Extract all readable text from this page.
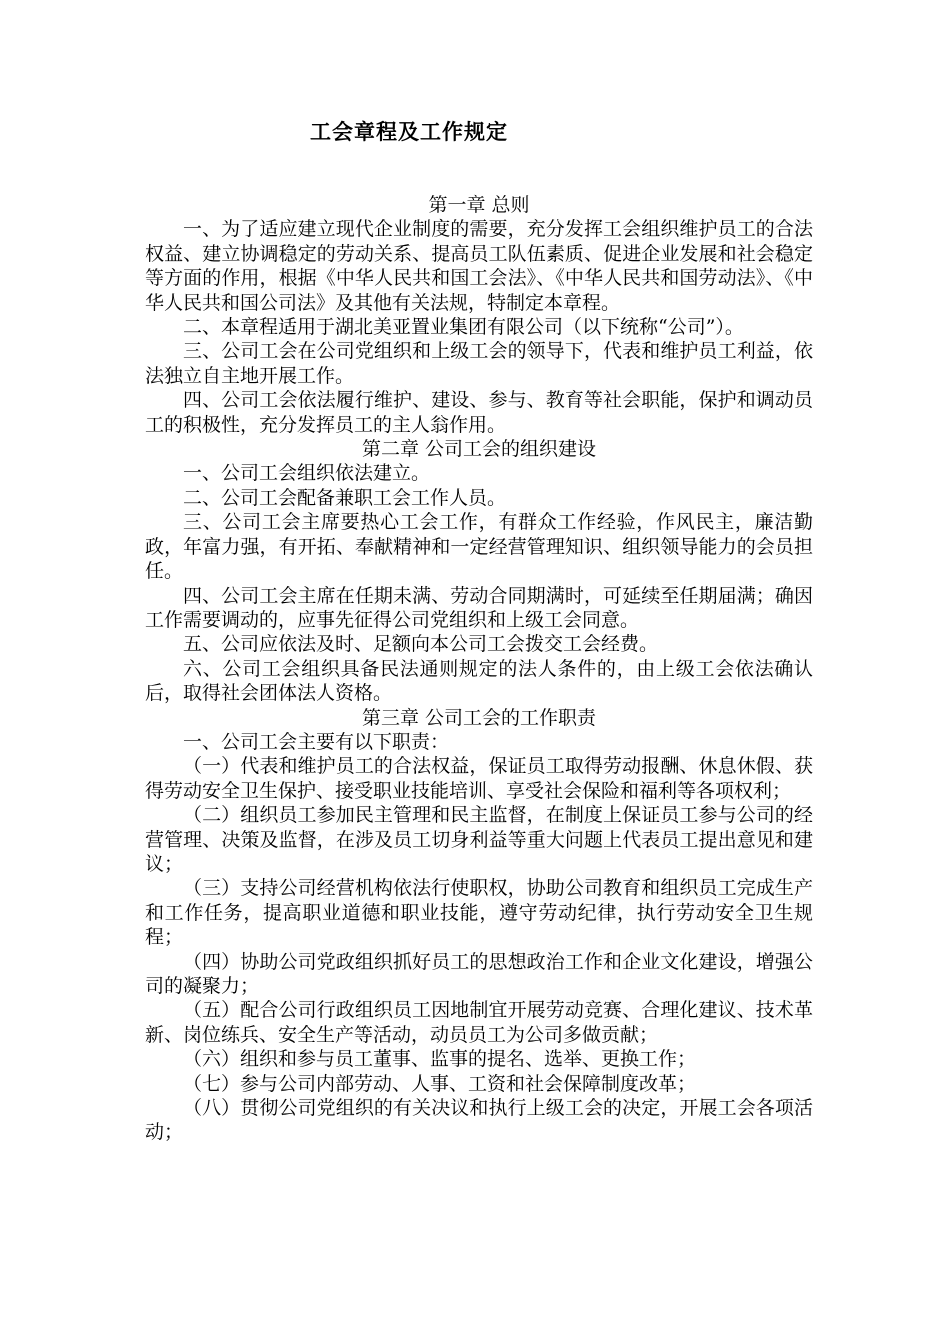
工会章程及工作规定
第一章 总则

一、为了适应建立现代企业制度的需要，充分发挥工会组织维护员工的合法权益、建立协调稳定的劳动关系、提高员工队伍素质、促进企业发展和社会稳定等方面的作用，根据《中华人民共和国工会法》、《中华人民共和国劳动法》、《中华人民共和国公司法》及其他有关法规，特制定本章程。

二、本章程适用于湖北美亚置业集团有限公司（以下统称“公司”）。

三、公司工会在公司党组织和上级工会的领导下，代表和维护员工利益，依法独立自主地开展工作。

四、公司工会依法履行维护、建设、参与、教育等社会职能，保护和调动员工的积极性，充分发挥员工的主人翁作用。

第二章 公司工会的组织建设

一、公司工会组织依法建立。

二、公司工会配备兼职工会工作人员。

三、公司工会主席要热心工会工作，有群众工作经验，作风民主，廉洁勤政，年富力强，有开拓、奉献精神和一定经营管理知识、组织领导能力的会员担任。

四、公司工会主席在任期未满、劳动合同期满时，可延续至任期届满；确因工作需要调动的，应事先征得公司党组织和上级工会同意。

五、公司应依法及时、足额向本公司工会拨交工会经费。

六、公司工会组织具备民法通则规定的法人条件的，由上级工会依法确认后，取得社会团体法人资格。

第三章 公司工会的工作职责

一、公司工会主要有以下职责：

（一）代表和维护员工的合法权益，保证员工取得劳动报酬、休息休假、获得劳动安全卫生保护、接受职业技能培训、享受社会保险和福利等各项权利；

（二）组织员工参加民主管理和民主监督，在制度上保证员工参与公司的经营管理、决策及监督，在涉及员工切身利益等重大问题上代表员工提出意见和建议；

（三）支持公司经营机构依法行使职权，协助公司教育和组织员工完成生产和工作任务，提高职业道德和职业技能，遵守劳动纪律，执行劳动安全卫生规程；

（四）协助公司党政组织抓好员工的思想政治工作和企业文化建设，增强公司的凝聚力；

（五）配合公司行政组织员工因地制宜开展劳动竞赛、合理化建议、技术革新、岗位练兵、安全生产等活动，动员员工为公司多做贡献；

（六）组织和参与员工董事、监事的提名、选举、更换工作；

（七）参与公司内部劳动、人事、工资和社会保障制度改革；

（八）贯彻公司党组织的有关决议和执行上级工会的决定，开展工会各项活动；
